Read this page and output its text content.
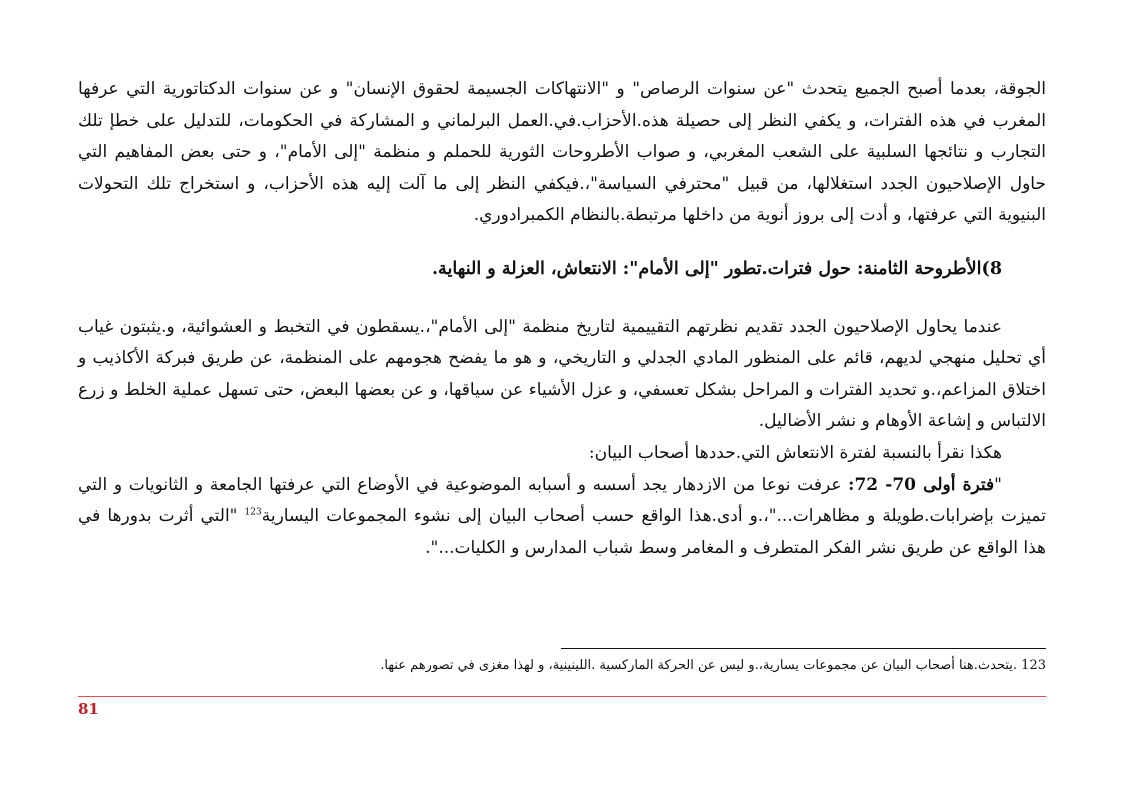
الجوقة، بعدما أصبح الجميع يتحدث "عن سنوات الرصاص" و "الانتهاكات الجسيمة لحقوق الإنسان" و عن سنوات الدكتاتورية التي عرفها المغرب في هذه الفترات، و يكفي النظر إلى حصيلة هذه.الأحزاب.في.العمل البرلماني و المشاركة في الحكومات، للتدليل على خطإ تلك التجارب و نتائجها السلبية على الشعب المغربي، و صواب الأطروحات الثورية للحملم و منظمة "إلى الأمام"، و حتى بعض المفاهيم التي حاول الإصلاحيون الجدد استغلالها، من قبيل "محترفي السياسة"،.فيكفي النظر إلى ما آلت إليه هذه الأحزاب، و استخراج تلك التحولات البنيوية التي عرفتها، و أدت إلى بروز أنوية من داخلها مرتبطة.بالنظام الكمبرادوري.

8)الأطروحة الثامنة: حول فترات.تطور "إلى الأمام": الانتعاش، العزلة و النهاية.

عندما يحاول الإصلاحيون الجدد تقديم نظرتهم التقييمية لتاريخ منظمة "إلى الأمام"،.يسقطون في التخبط و العشوائية، و.يثبتون غياب أي تحليل منهجي لديهم، قائم على المنظور المادي الجدلي و التاريخي، و هو ما يفضح هجومهم على المنظمة، عن طريق فبركة الأكاذيب و اختلاق المزاعم،.و تحديد الفترات و المراحل بشكل تعسفي، و عزل الأشياء عن سياقها، و عن بعضها البعض، حتى تسهل عملية الخلط و زرع الالتباس و إشاعة الأوهام و نشر الأضاليل.

هكذا نقرأ بالنسبة لفترة الانتعاش التي.حددها أصحاب البيان:

"فترة أولى 70- 72: عرفت نوعا من الازدهار يجد أسسه و أسبابه الموضوعية في الأوضاع التي عرفتها الجامعة و الثانويات و التي تميزت بإضرابات.طويلة و مظاهرات..."،.و أدى.هذا الواقع حسب أصحاب البيان إلى نشوء المجموعات اليسارية$^{123}$ "التي أثرت بدورها في هذا الواقع عن طريق نشر الفكر المتطرف و المغامر وسط شباب المدارس و الكليات...".

123 .يتحدث.هنا أصحاب البيان عن مجموعات يسارية،.و ليس عن الحركة الماركسية .اللينينية، و لهذا مغزى في تصورهم عنها.
81
